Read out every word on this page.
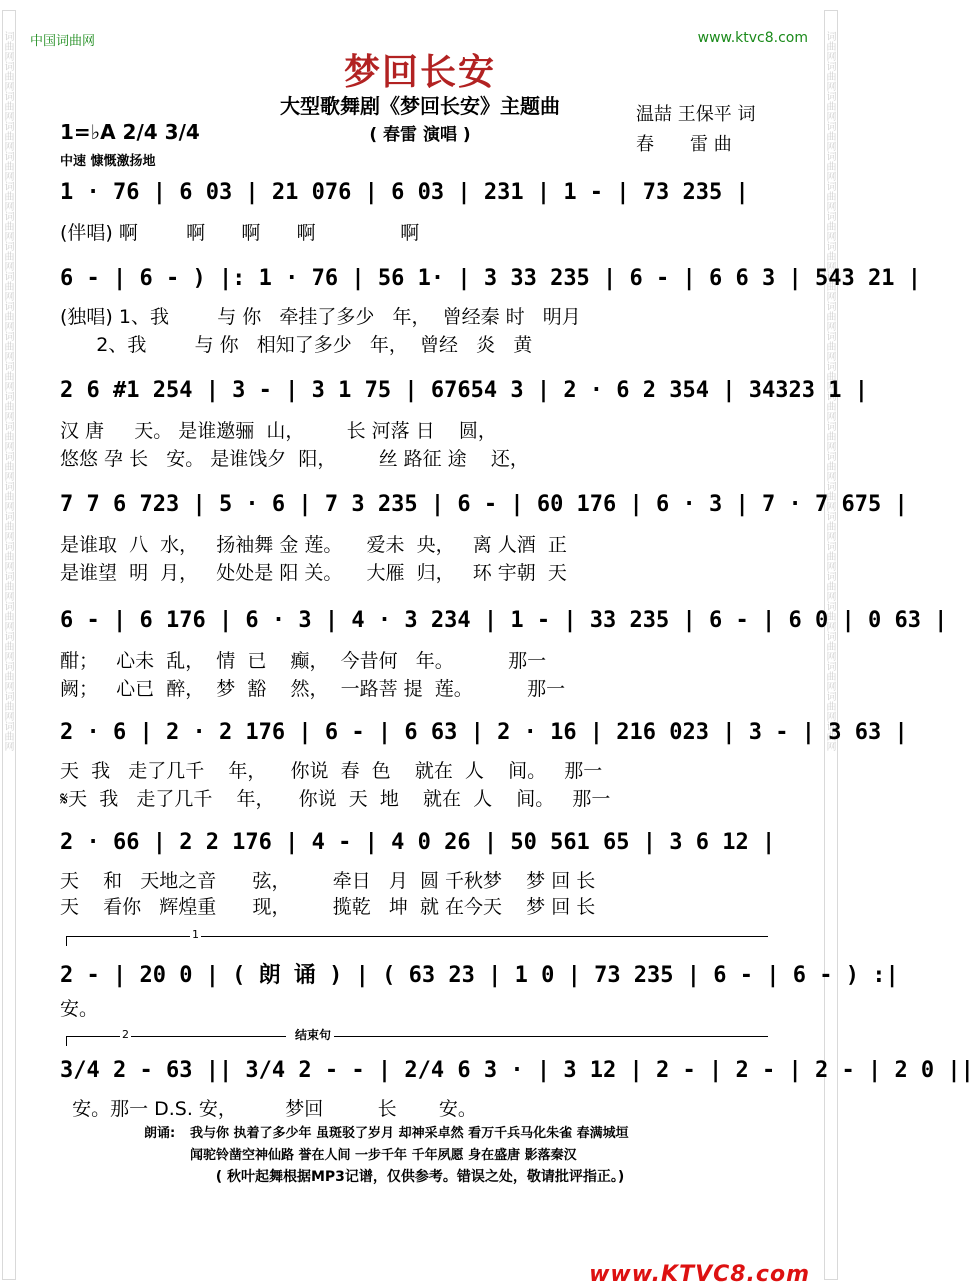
词曲网词曲网词曲网词曲网词曲网词曲网词曲网词曲网词曲网词曲网词曲网词曲网词曲网词曲网词曲网词曲网词曲网词曲网词曲网词曲网词曲网词曲网词曲网词曲网	词曲网词曲网词曲网词曲网词曲网词曲网词曲网词曲网词曲网词曲网词曲网词曲网词曲网词曲网词曲网词曲网词曲网词曲网词曲网词曲网词曲网词曲网词曲网词曲网
中国词曲网	www.ktvc8.com
梦回长安
大型歌舞剧《梦回长安》主题曲
( 春雷 演唱 )
温喆 王保平 词
春　　雷 曲
1=♭A 2/4 3/4
中速 慷慨激扬地
1 · 76 | 6 03 | 21 076 | 6 03 | 231 | 1 - | 73 235 |
(伴唱) 啊        啊      啊      啊              啊
6 - | 6 - ) |: 1 · 76 | 56 1· | 3 33 235 | 6 - | 6 6 3 | 543 21 |
(独唱) 1、我        与 你   牵挂了多少   年，  曾经秦 时   明月
2、我        与 你   相知了多少   年，  曾经   炎   黄
2 6 #1 254 | 3 - | 3 1 75 | 67654 3 | 2 · 6 2 354 | 34323 1 |
汉 唐     天。 是谁邀骊  山，       长 河落 日    圆，
悠悠 孕 长   安。 是谁饯夕  阳，       丝 路征 途    还，
7 7 6 723 | 5 · 6 | 7 3 235 | 6 - | 60 176 | 6 · 3 | 7 · 7 675 |
是谁取  八  水，   扬袖舞 金 莲。    爱未  央，   离 人酒  正
是谁望  明  月，   处处是 阳 关。    大雁  归，   环 宇朝  天
6 - | 6 176 | 6 · 3 | 4 · 3 234 | 1 - | 33 235 | 6 - | 6 0 | 0 63 |
酣；   心未  乱，  情  已    癫，  今昔何   年。         那一
阙；   心已  醉，  梦  豁    然，  一路菩 提  莲。         那一
2 · 6 | 2 · 2 176 | 6 - | 6 63 | 2 · 16 | 216 023 | 3 - | 3 63 |
天  我   走了几千    年，    你说  春  色    就在  人    间。   那一
𝄋天  我   走了几千    年，    你说  天  地    就在  人    间。   那一
2 · 66 | 2 2 176 | 4 - | 4 0 26 | 50 561 65 | 3 6 12 |
天    和   天地之音      弦，       牵日   月  圆 千秋梦    梦 回 长
天    看你   辉煌重      现，       揽乾   坤  就 在今天    梦 回 长
1
2 - | 20 0 | ( 朗 诵 ) | ( 63 23 | 1 0 | 73 235 | 6 - | 6 - ) :|
安。
2	结束句
3/4 2 - 63 || 3/4 2 - - | 2/4 6 3 · | 3 12 | 2 - | 2 - | 2 - | 2 0 ||
安。那一 D.S. 安，        梦回         长       安。
朗诵: 我与你 执着了多少年 虽斑驳了岁月 却神采卓然 看万千兵马化朱雀 春满城垣
闻驼铃凿空神仙路 誉在人间 一步千年 千年夙愿 身在盛唐 影落秦汉
( 秋叶起舞根据MP3记谱，仅供参考。错误之处，敬请批评指正。)
www.KTVC8.com
